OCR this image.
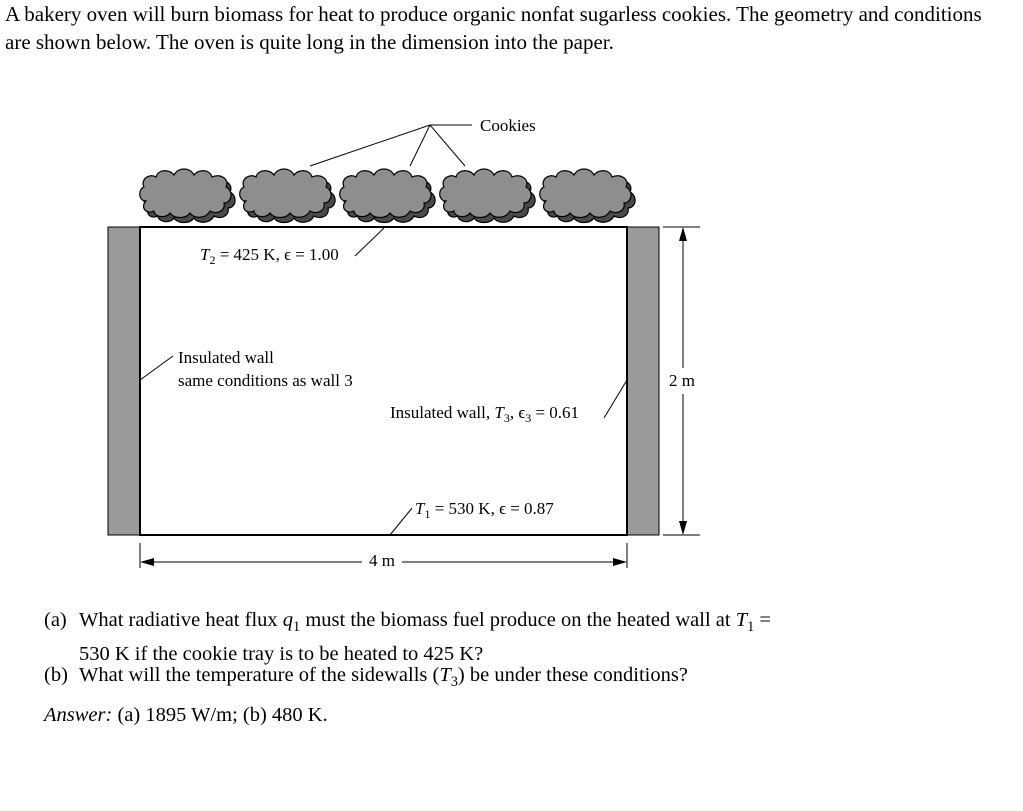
A bakery oven will burn biomass for heat to produce organic nonfat sugarless cookies. The geometry and conditions are shown below. The oven is quite long in the dimension into the paper.

Cookies
$T_2 = 425$ K, ϵ = 1.00
Insulated wall
same conditions as wall 3
Insulated wall, $T_3$, $\epsilon_3 = 0.61$
$T_1 = 530$ K, ϵ = 0.87
4 m
2 m
(a) What radiative heat flux $q_1$ must the biomass fuel produce on the heated wall at $T_1$ =
530 K if the cookie tray is to be heated to 425 K?
(b) What will the temperature of the sidewalls $(T_3)$ be under these conditions?

Answer: (a) 1895 W/m; (b) 480 K.
